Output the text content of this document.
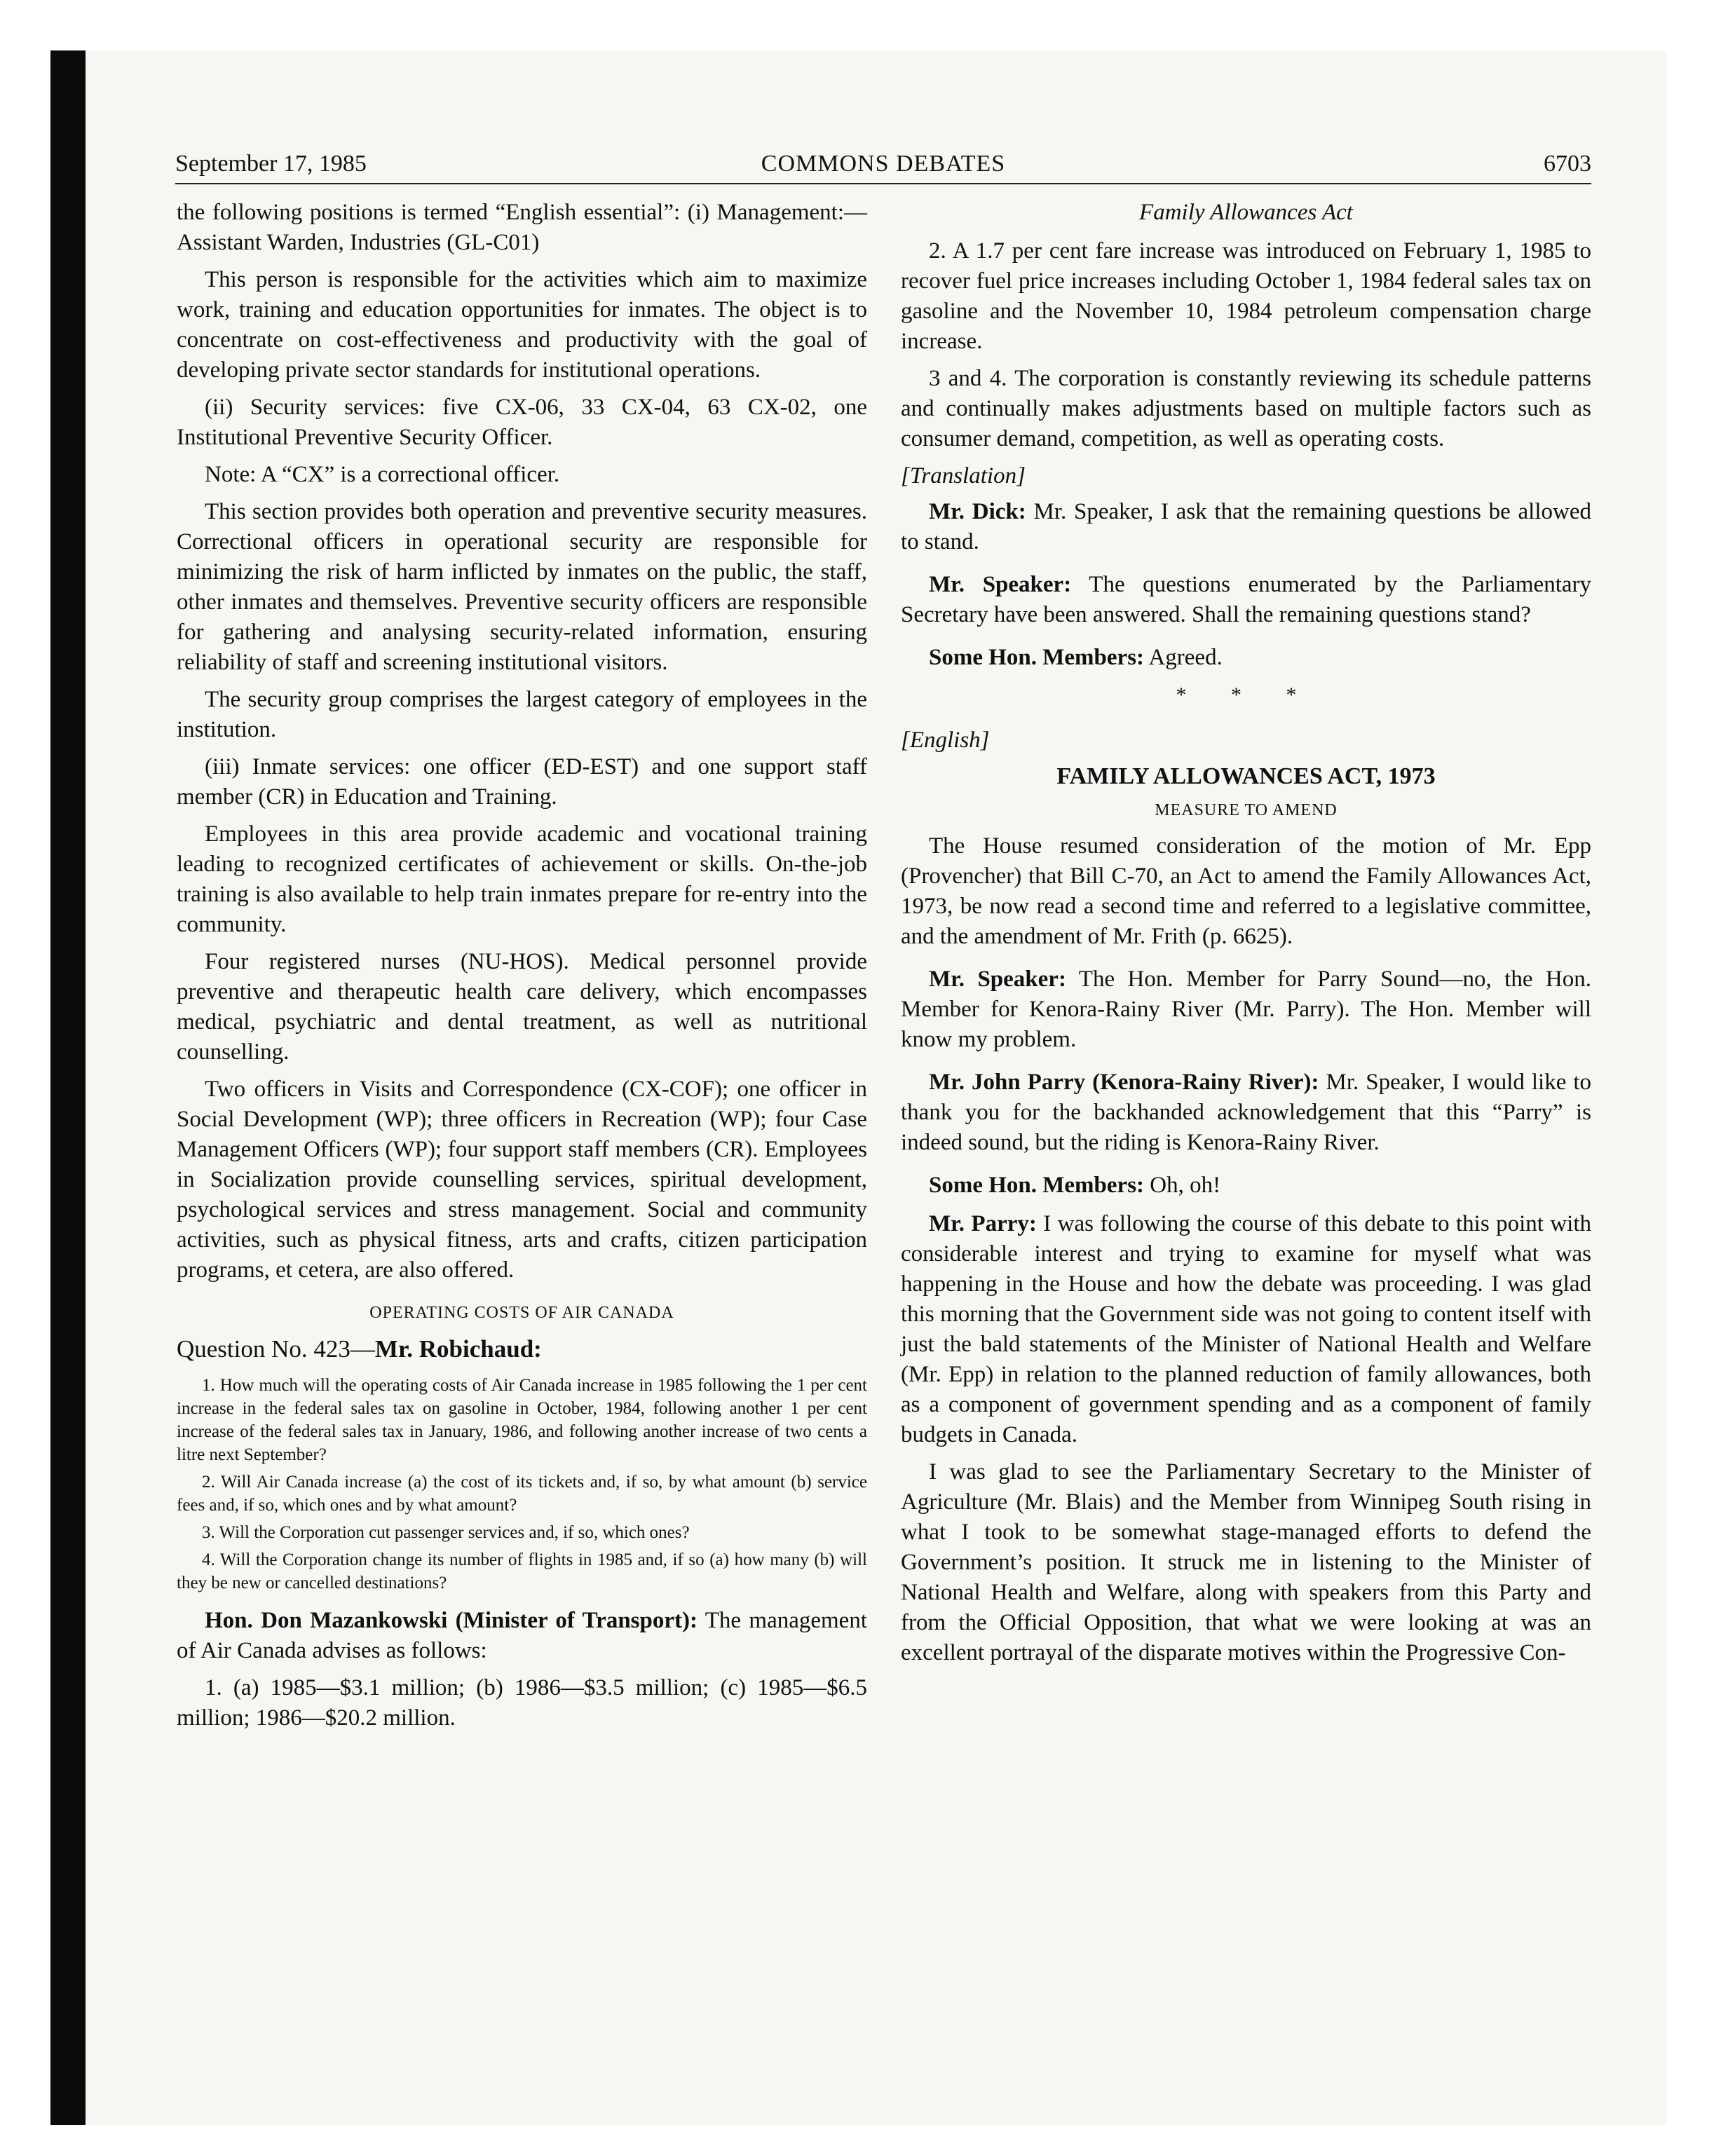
September 17, 1985	COMMONS DEBATES	6703

the following positions is termed “English essential”: (i) Management:—Assistant Warden, Industries (GL-C01)

This person is responsible for the activities which aim to maximize work, training and education opportunities for inmates. The object is to concentrate on cost-effectiveness and productivity with the goal of developing private sector standards for institutional operations.

(ii) Security services: five CX-06, 33 CX-04, 63 CX-02, one Institutional Preventive Security Officer.

Note: A “CX” is a correctional officer.

This section provides both operation and preventive security measures. Correctional officers in operational security are responsible for minimizing the risk of harm inflicted by inmates on the public, the staff, other inmates and themselves. Preventive security officers are responsible for gathering and analysing security-related information, ensuring reliability of staff and screening institutional visitors.

The security group comprises the largest category of employees in the institution.

(iii) Inmate services: one officer (ED-EST) and one support staff member (CR) in Education and Training.

Employees in this area provide academic and vocational training leading to recognized certificates of achievement or skills. On-the-job training is also available to help train inmates prepare for re-entry into the community.

Four registered nurses (NU-HOS). Medical personnel provide preventive and therapeutic health care delivery, which encompasses medical, psychiatric and dental treatment, as well as nutritional counselling.

Two officers in Visits and Correspondence (CX-COF); one officer in Social Development (WP); three officers in Recreation (WP); four Case Management Officers (WP); four support staff members (CR). Employees in Socialization provide counselling services, spiritual development, psychological services and stress management. Social and community activities, such as physical fitness, arts and crafts, citizen participation programs, et cetera, are also offered.

OPERATING COSTS OF AIR CANADA
Question No. 423—Mr. Robichaud:

1. How much will the operating costs of Air Canada increase in 1985 following the 1 per cent increase in the federal sales tax on gasoline in October, 1984, following another 1 per cent increase of the federal sales tax in January, 1986, and following another increase of two cents a litre next September?

2. Will Air Canada increase (a) the cost of its tickets and, if so, by what amount (b) service fees and, if so, which ones and by what amount?

3. Will the Corporation cut passenger services and, if so, which ones?

4. Will the Corporation change its number of flights in 1985 and, if so (a) how many (b) will they be new or cancelled destinations?

Hon. Don Mazankowski (Minister of Transport): The management of Air Canada advises as follows:

1. (a) 1985—$3.1 million; (b) 1986—$3.5 million; (c) 1985—$6.5 million; 1986—$20.2 million.

Family Allowances Act

2. A 1.7 per cent fare increase was introduced on February 1, 1985 to recover fuel price increases including October 1, 1984 federal sales tax on gasoline and the November 10, 1984 petroleum compensation charge increase.

3 and 4. The corporation is constantly reviewing its schedule patterns and continually makes adjustments based on multiple factors such as consumer demand, competition, as well as operating costs.

[Translation]

Mr. Dick: Mr. Speaker, I ask that the remaining questions be allowed to stand.

Mr. Speaker: The questions enumerated by the Parliamentary Secretary have been answered. Shall the remaining questions stand?

Some Hon. Members: Agreed.

* * *
[English]
FAMILY ALLOWANCES ACT, 1973
MEASURE TO AMEND

The House resumed consideration of the motion of Mr. Epp (Provencher) that Bill C-70, an Act to amend the Family Allowances Act, 1973, be now read a second time and referred to a legislative committee, and the amendment of Mr. Frith (p. 6625).

Mr. Speaker: The Hon. Member for Parry Sound—no, the Hon. Member for Kenora-Rainy River (Mr. Parry). The Hon. Member will know my problem.

Mr. John Parry (Kenora-Rainy River): Mr. Speaker, I would like to thank you for the backhanded acknowledgement that this “Parry” is indeed sound, but the riding is Kenora-Rainy River.

Some Hon. Members: Oh, oh!

Mr. Parry: I was following the course of this debate to this point with considerable interest and trying to examine for myself what was happening in the House and how the debate was proceeding. I was glad this morning that the Government side was not going to content itself with just the bald statements of the Minister of National Health and Welfare (Mr. Epp) in relation to the planned reduction of family allowances, both as a component of government spending and as a component of family budgets in Canada.

I was glad to see the Parliamentary Secretary to the Minister of Agriculture (Mr. Blais) and the Member from Winnipeg South rising in what I took to be somewhat stage-managed efforts to defend the Government’s position. It struck me in listening to the Minister of National Health and Welfare, along with speakers from this Party and from the Official Opposition, that what we were looking at was an excellent portrayal of the disparate motives within the Progressive Con-
